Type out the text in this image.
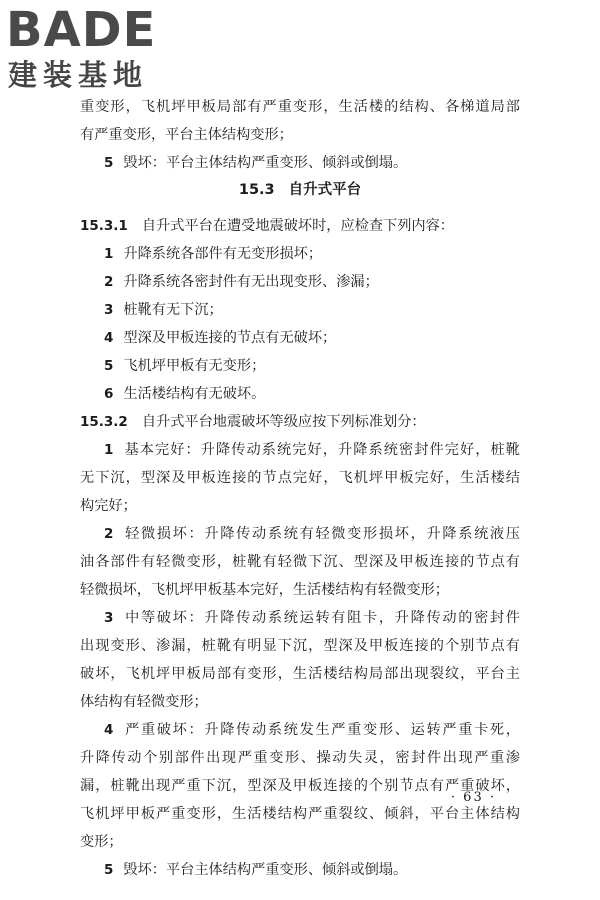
BADE
建装基地
重变形，飞机坪甲板局部有严重变形，生活楼的结构、各梯道局部
有严重变形，平台主体结构变形；
5 毁坏：平台主体结构严重变形、倾斜或倒塌。
15.3 自升式平台
15.3.1 自升式平台在遭受地震破坏时，应检查下列内容：
1 升降系统各部件有无变形损坏；
2 升降系统各密封件有无出现变形、渗漏；
3 桩靴有无下沉；
4 型深及甲板连接的节点有无破坏；
5 飞机坪甲板有无变形；
6 生活楼结构有无破坏。
15.3.2 自升式平台地震破坏等级应按下列标准划分：
1 基本完好：升降传动系统完好，升降系统密封件完好，桩靴
无下沉，型深及甲板连接的节点完好，飞机坪甲板完好，生活楼结
构完好；
2 轻微损坏：升降传动系统有轻微变形损坏，升降系统液压
油各部件有轻微变形，桩靴有轻微下沉、型深及甲板连接的节点有
轻微损坏，飞机坪甲板基本完好，生活楼结构有轻微变形；
3 中等破坏：升降传动系统运转有阻卡，升降传动的密封件
出现变形、渗漏，桩靴有明显下沉，型深及甲板连接的个别节点有
破坏，飞机坪甲板局部有变形，生活楼结构局部出现裂纹，平台主
体结构有轻微变形；
4 严重破坏：升降传动系统发生严重变形、运转严重卡死，
升降传动个别部件出现严重变形、操动失灵，密封件出现严重渗
漏，桩靴出现严重下沉，型深及甲板连接的个别节点有严重破坏，
飞机坪甲板严重变形，生活楼结构严重裂纹、倾斜，平台主体结构
变形；
5 毁坏：平台主体结构严重变形、倾斜或倒塌。
· 63 ·
